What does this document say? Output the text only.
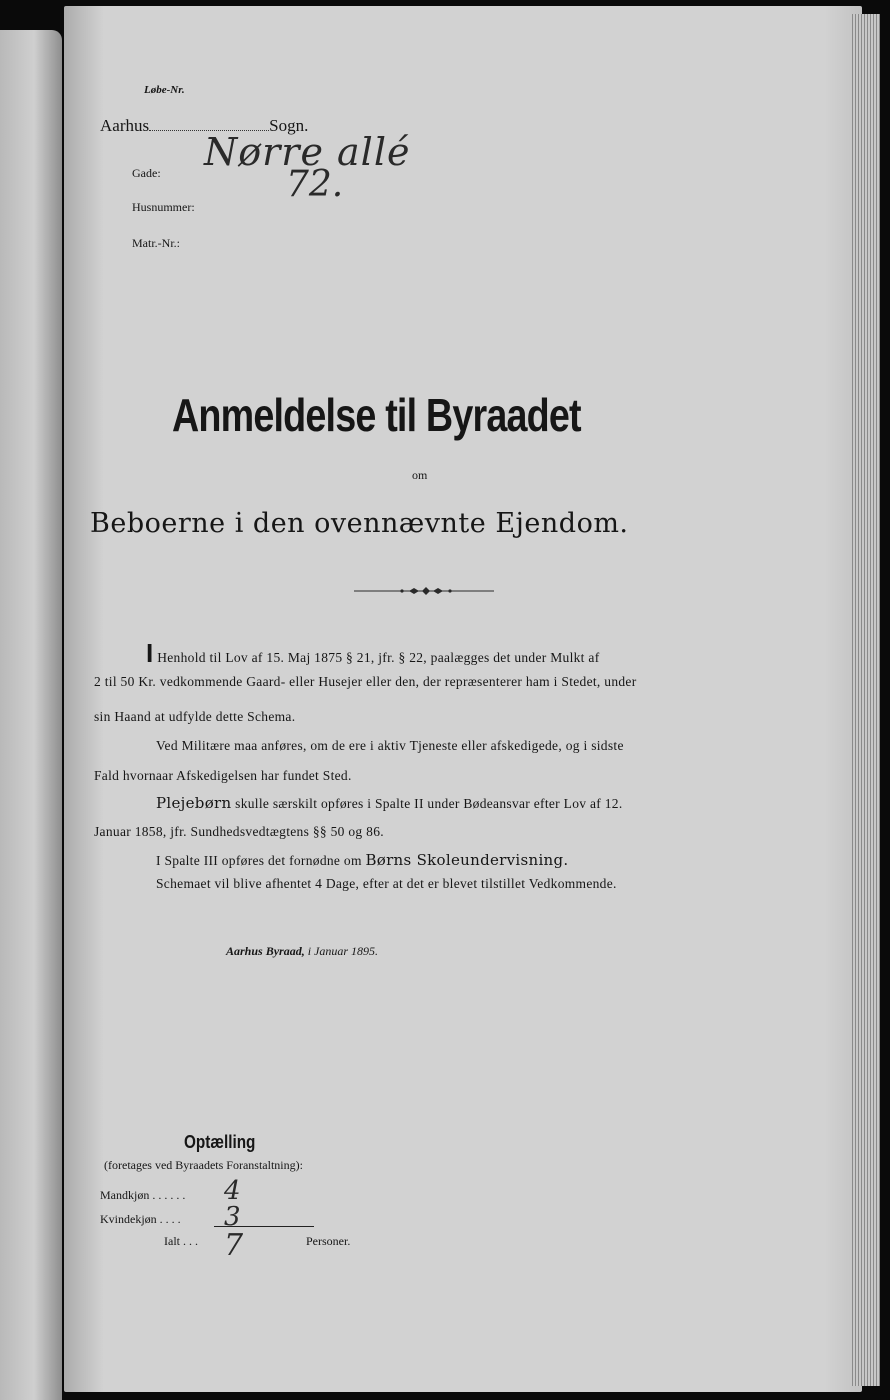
Løbe-Nr.
Aarhus	Sogn.
Gade: Nørre allé
Husnummer:
72.
Matr.-Nr.:
Anmeldelse til Byraadet
om
Beboerne i den ovennævnte Ejendom.
I Henhold til Lov af 15. Maj 1875 § 21, jfr. § 22, paalægges det under Mulkt af
2 til 50 Kr. vedkommende Gaard- eller Husejer eller den, der repræsenterer ham i Stedet, under
sin Haand at udfylde dette Schema.
Ved Militære maa anføres, om de ere i aktiv Tjeneste eller afskedigede, og i sidste
Fald hvornaar Afskedigelsen har fundet Sted.
Plejebørn skulle særskilt opføres i Spalte II under Bødeansvar efter Lov af 12.
Januar 1858, jfr. Sundhedsvedtægtens §§ 50 og 86.
I Spalte III opføres det fornødne om Børns Skoleundervisning.
Schemaet vil blive afhentet 4 Dage, efter at det er blevet tilstillet Vedkommende.
Aarhus Byraad, i Januar 1895.
Optælling
(foretages ved Byraadets Foranstaltning):
Mandkjøn . . . . . . 4
Kvindekjøn . . . . 3
Ialt . . . 7	Personer.
